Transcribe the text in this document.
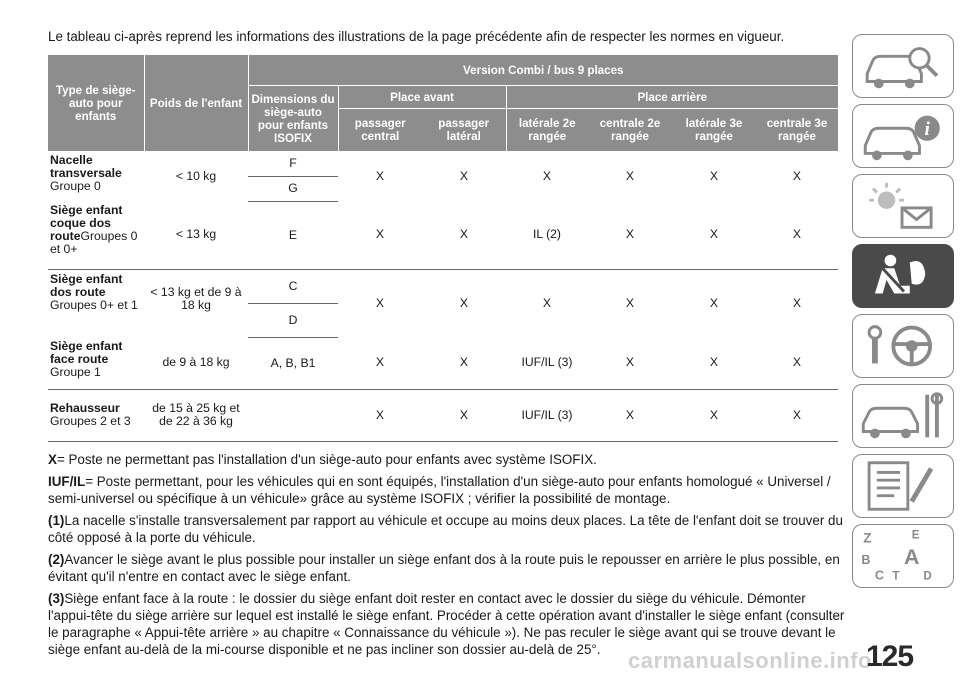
Le tableau ci-après reprend les informations des illustrations de la page précédente afin de respecter les normes en vigueur.
Type de siège-auto pour enfants	Poids de l'enfant	Version Combi / bus 9 places						
		Dimensions du siège-auto pour enfants ISOFIX	Place avant		Place arrière			
			passager central	passager latéral	latérale 2e rangée	centrale 2e rangée	latérale 3e rangée	centrale 3e rangée
Nacelle transversale
Groupe 0	< 10 kg	F	X	X	X	X	X	X
		G						
Siège enfant coque dos routeGroupes 0 et 0+	< 13 kg	E	X	X	IL (2)	X	X	X
Siège enfant dos route
Groupes 0+ et 1	< 13 kg et de 9 à 18 kg	C	X	X	X	X	X	X
		D						
Siège enfant face route
Groupe 1	de 9 à 18 kg	A, B, B1	X	X	IUF/IL (3)	X	X	X
Rehausseur
Groupes 2 et 3	de 15 à 25 kg et de 22 à 36 kg		X	X	IUF/IL (3)	X	X	X

X= Poste ne permettant pas l'installation d'un siège-auto pour enfants avec système ISOFIX.

IUF/IL= Poste permettant, pour les véhicules qui en sont équipés, l'installation d'un siège-auto pour enfants homologué « Universel / semi-universel ou spécifique à un véhicule» grâce au système ISOFIX ; vérifier la possibilité de montage.

(1)La nacelle s'installe transversalement par rapport au véhicule et occupe au moins deux places. La tête de l'enfant doit se trouver du côté opposé à la porte du véhicule.

(2)Avancer le siège avant le plus possible pour installer un siège enfant dos à la route puis le repousser en arrière le plus possible, en évitant qu'il n'entre en contact avec le siège enfant.

(3)Siège enfant face à la route : le dossier du siège enfant doit rester en contact avec le dossier du siège du véhicule. Démonter l'appui-tête du siège arrière sur lequel est installé le siège enfant. Procéder à cette opération avant d'installer le siège enfant (consulter le paragraphe « Appui-tête arrière » au chapitre « Connaissance du véhicule »). Ne pas reculer le siège avant qui se trouve devant le siège enfant au-delà de la mi-course disponible et ne pas incliner son dossier au-delà de 25°.

i
Z	E
B A
C T D
carmanualsonline.info
125
